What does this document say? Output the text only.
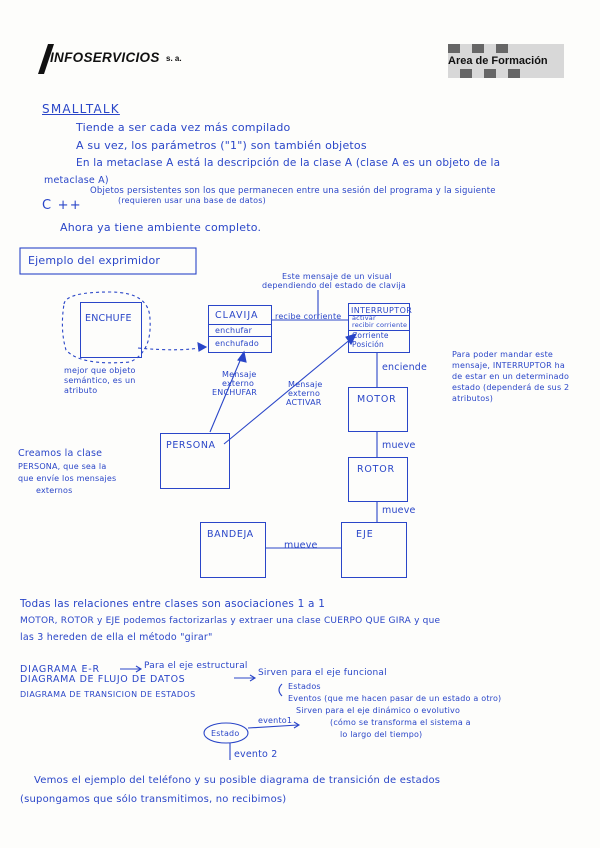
INFOSERVICIOS s. a.	Area de Formación
SMALLTALK
Tiende a ser cada vez más compilado
A su vez, los parámetros ("1") son también objetos
En la metaclase A está la descripción de la clase A (clase A es un objeto de la
metaclase A)
Objetos persistentes son los que permanecen entre una sesión del programa y la siguiente
(requieren usar una base de datos)
C ++
Ahora ya tiene ambiente completo.
Ejemplo del exprimidor
ENCHUFE
mejor que objeto
semántico, es un
atributo
CLAVIJA
enchufar
enchufado
recibe corriente
INTERRUPTOR
activar
recibir corriente
Corriente
Posición
Este mensaje de un visual
dependiendo del estado de clavija
Mensaje
externo
ENCHUFAR
Mensaje
externo
ACTIVAR
enciende
Para poder mandar este
mensaje, INTERRUPTOR ha
de estar en un determinado
estado (dependerá de sus 2
atributos)
MOTOR
mueve
ROTOR
mueve
PERSONA
Creamos la clase
PERSONA, que sea la
que envíe los mensajes
externos
BANDEJA
mueve
EJE
Todas las relaciones entre clases son asociaciones 1 a 1
MOTOR, ROTOR y EJE podemos factorizarlas y extraer una clase CUERPO QUE GIRA y que
las 3 hereden de ella el método "girar"
DIAGRAMA E-R	Para el eje estructural
DIAGRAMA DE FLUJO DE DATOS
Sirven para el eje funcional
DIAGRAMA DE TRANSICION DE ESTADOS
Estados
Eventos (que me hacen pasar de un estado a otro)
Sirven para el eje dinámico o evolutivo
(cómo se transforma el sistema a
lo largo del tiempo)
Estado
evento1
evento 2
Vemos el ejemplo del teléfono y su posible diagrama de transición de estados
(supongamos que sólo transmitimos, no recibimos)
